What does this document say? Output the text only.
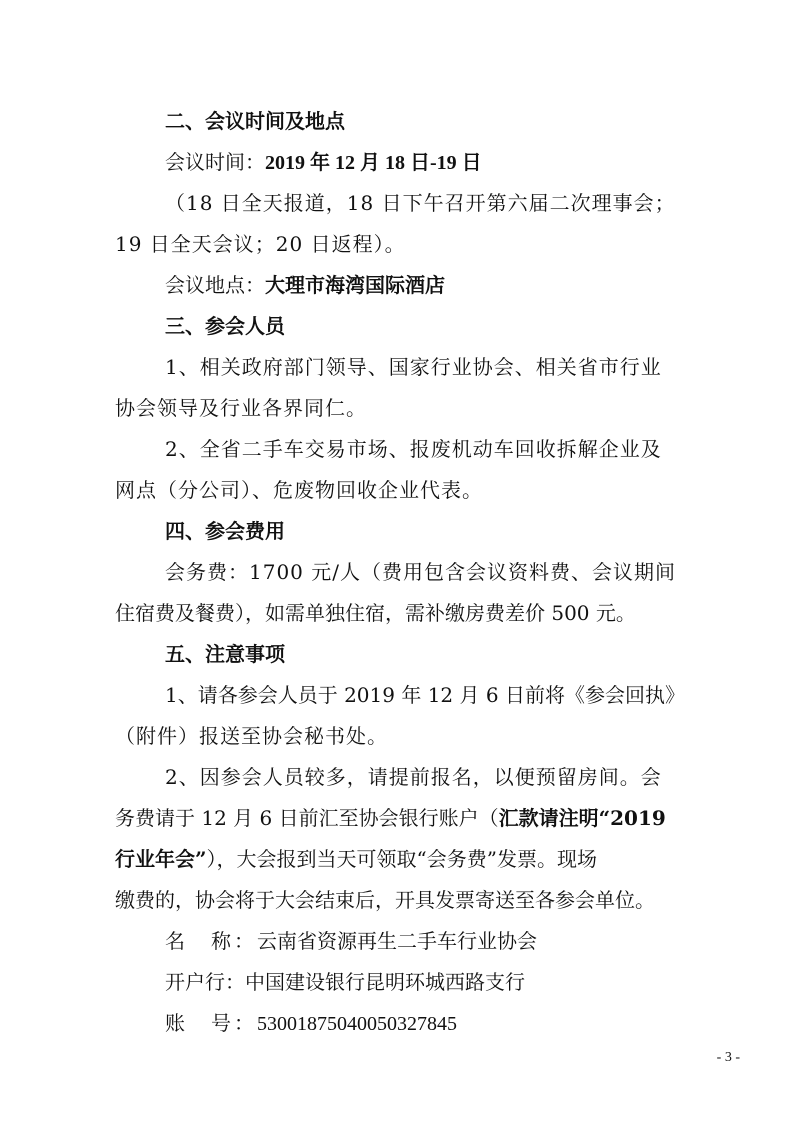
二、会议时间及地点
会议时间：2019 年 12 月 18 日-19 日
（18 日全天报道，18 日下午召开第六届二次理事会；
19 日全天会议；20 日返程）。
会议地点：大理市海湾国际酒店
三、参会人员
1、相关政府部门领导、国家行业协会、相关省市行业
协会领导及行业各界同仁。
2、全省二手车交易市场、报废机动车回收拆解企业及
网点（分公司）、危废物回收企业代表。
四、参会费用
会务费：1700 元/人（费用包含会议资料费、会议期间
住宿费及餐费），如需单独住宿，需补缴房费差价 500 元。
五、注意事项
1、请各参会人员于 2019 年 12 月 6 日前将《参会回执》
（附件）报送至协会秘书处。
2、因参会人员较多，请提前报名，以便预留房间。会
务费请于 12 月 6 日前汇至协会银行账户（汇款请注明“2019
行业年会”），大会报到当天可领取“会务费”发票。现场
缴费的，协会将于大会结束后，开具发票寄送至各参会单位。
名　称：云南省资源再生二手车行业协会
开户行：中国建设银行昆明环城西路支行
账　号：53001875040050327845
- 3 -
